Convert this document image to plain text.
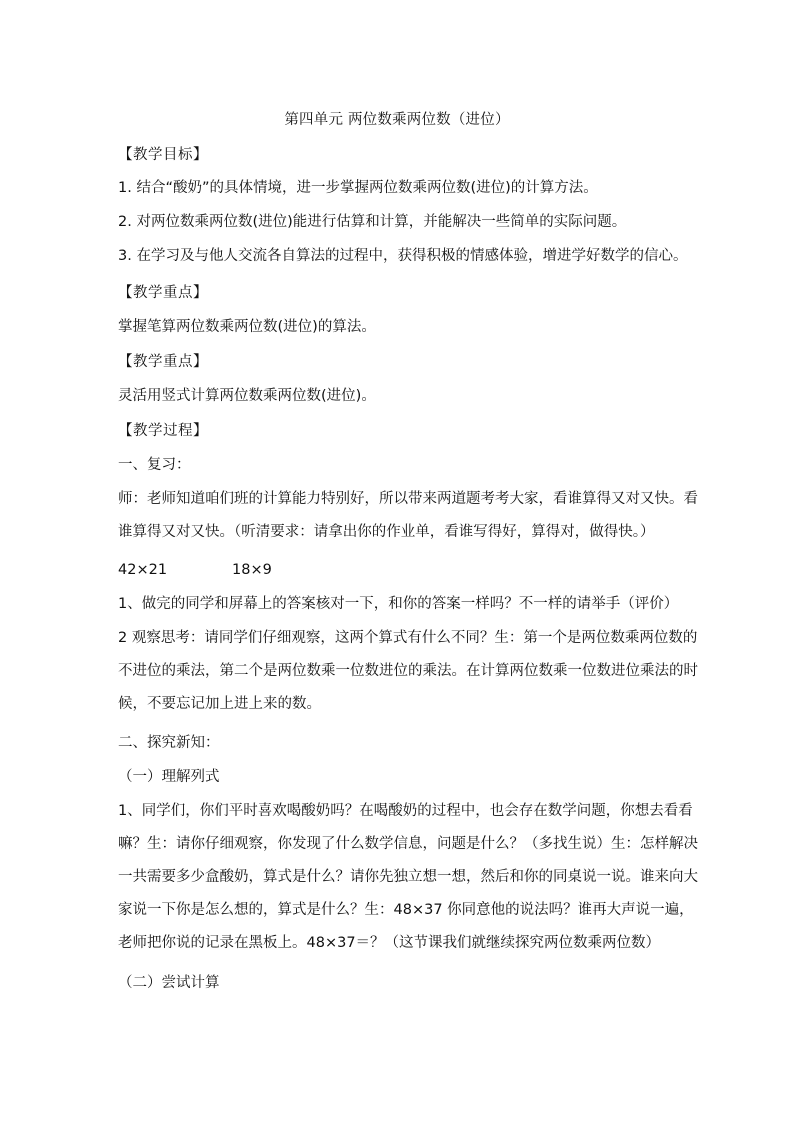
第四单元 两位数乘两位数（进位）
【教学目标】
1. 结合“酸奶”的具体情境，进一步掌握两位数乘两位数(进位)的计算方法。
2. 对两位数乘两位数(进位)能进行估算和计算，并能解决一些简单的实际问题。
3. 在学习及与他人交流各自算法的过程中，获得积极的情感体验，增进学好数学的信心。
【教学重点】
掌握笔算两位数乘两位数(进位)的算法。
【教学重点】
灵活用竖式计算两位数乘两位数(进位)。
【教学过程】
一、复习：
师：老师知道咱们班的计算能力特别好，所以带来两道题考考大家，看谁算得又对又快。看
谁算得又对又快。（听清要求：请拿出你的作业单，看谁写得好，算得对，做得快。）
42×21	18×9
1、做完的同学和屏幕上的答案核对一下，和你的答案一样吗？不一样的请举手（评价）
2 观察思考：请同学们仔细观察，这两个算式有什么不同？生：第一个是两位数乘两位数的
不进位的乘法，第二个是两位数乘一位数进位的乘法。在计算两位数乘一位数进位乘法的时
候，不要忘记加上进上来的数。
二、探究新知：
（一）理解列式
1、同学们，你们平时喜欢喝酸奶吗？在喝酸奶的过程中，也会存在数学问题，你想去看看
嘛？生：请你仔细观察，你发现了什么数学信息，问题是什么？（多找生说）生：怎样解决
一共需要多少盒酸奶，算式是什么？请你先独立想一想，然后和你的同桌说一说。谁来向大
家说一下你是怎么想的，算式是什么？生：48×37 你同意他的说法吗？谁再大声说一遍，
老师把你说的记录在黑板上。48×37＝？（这节课我们就继续探究两位数乘两位数）
（二）尝试计算
